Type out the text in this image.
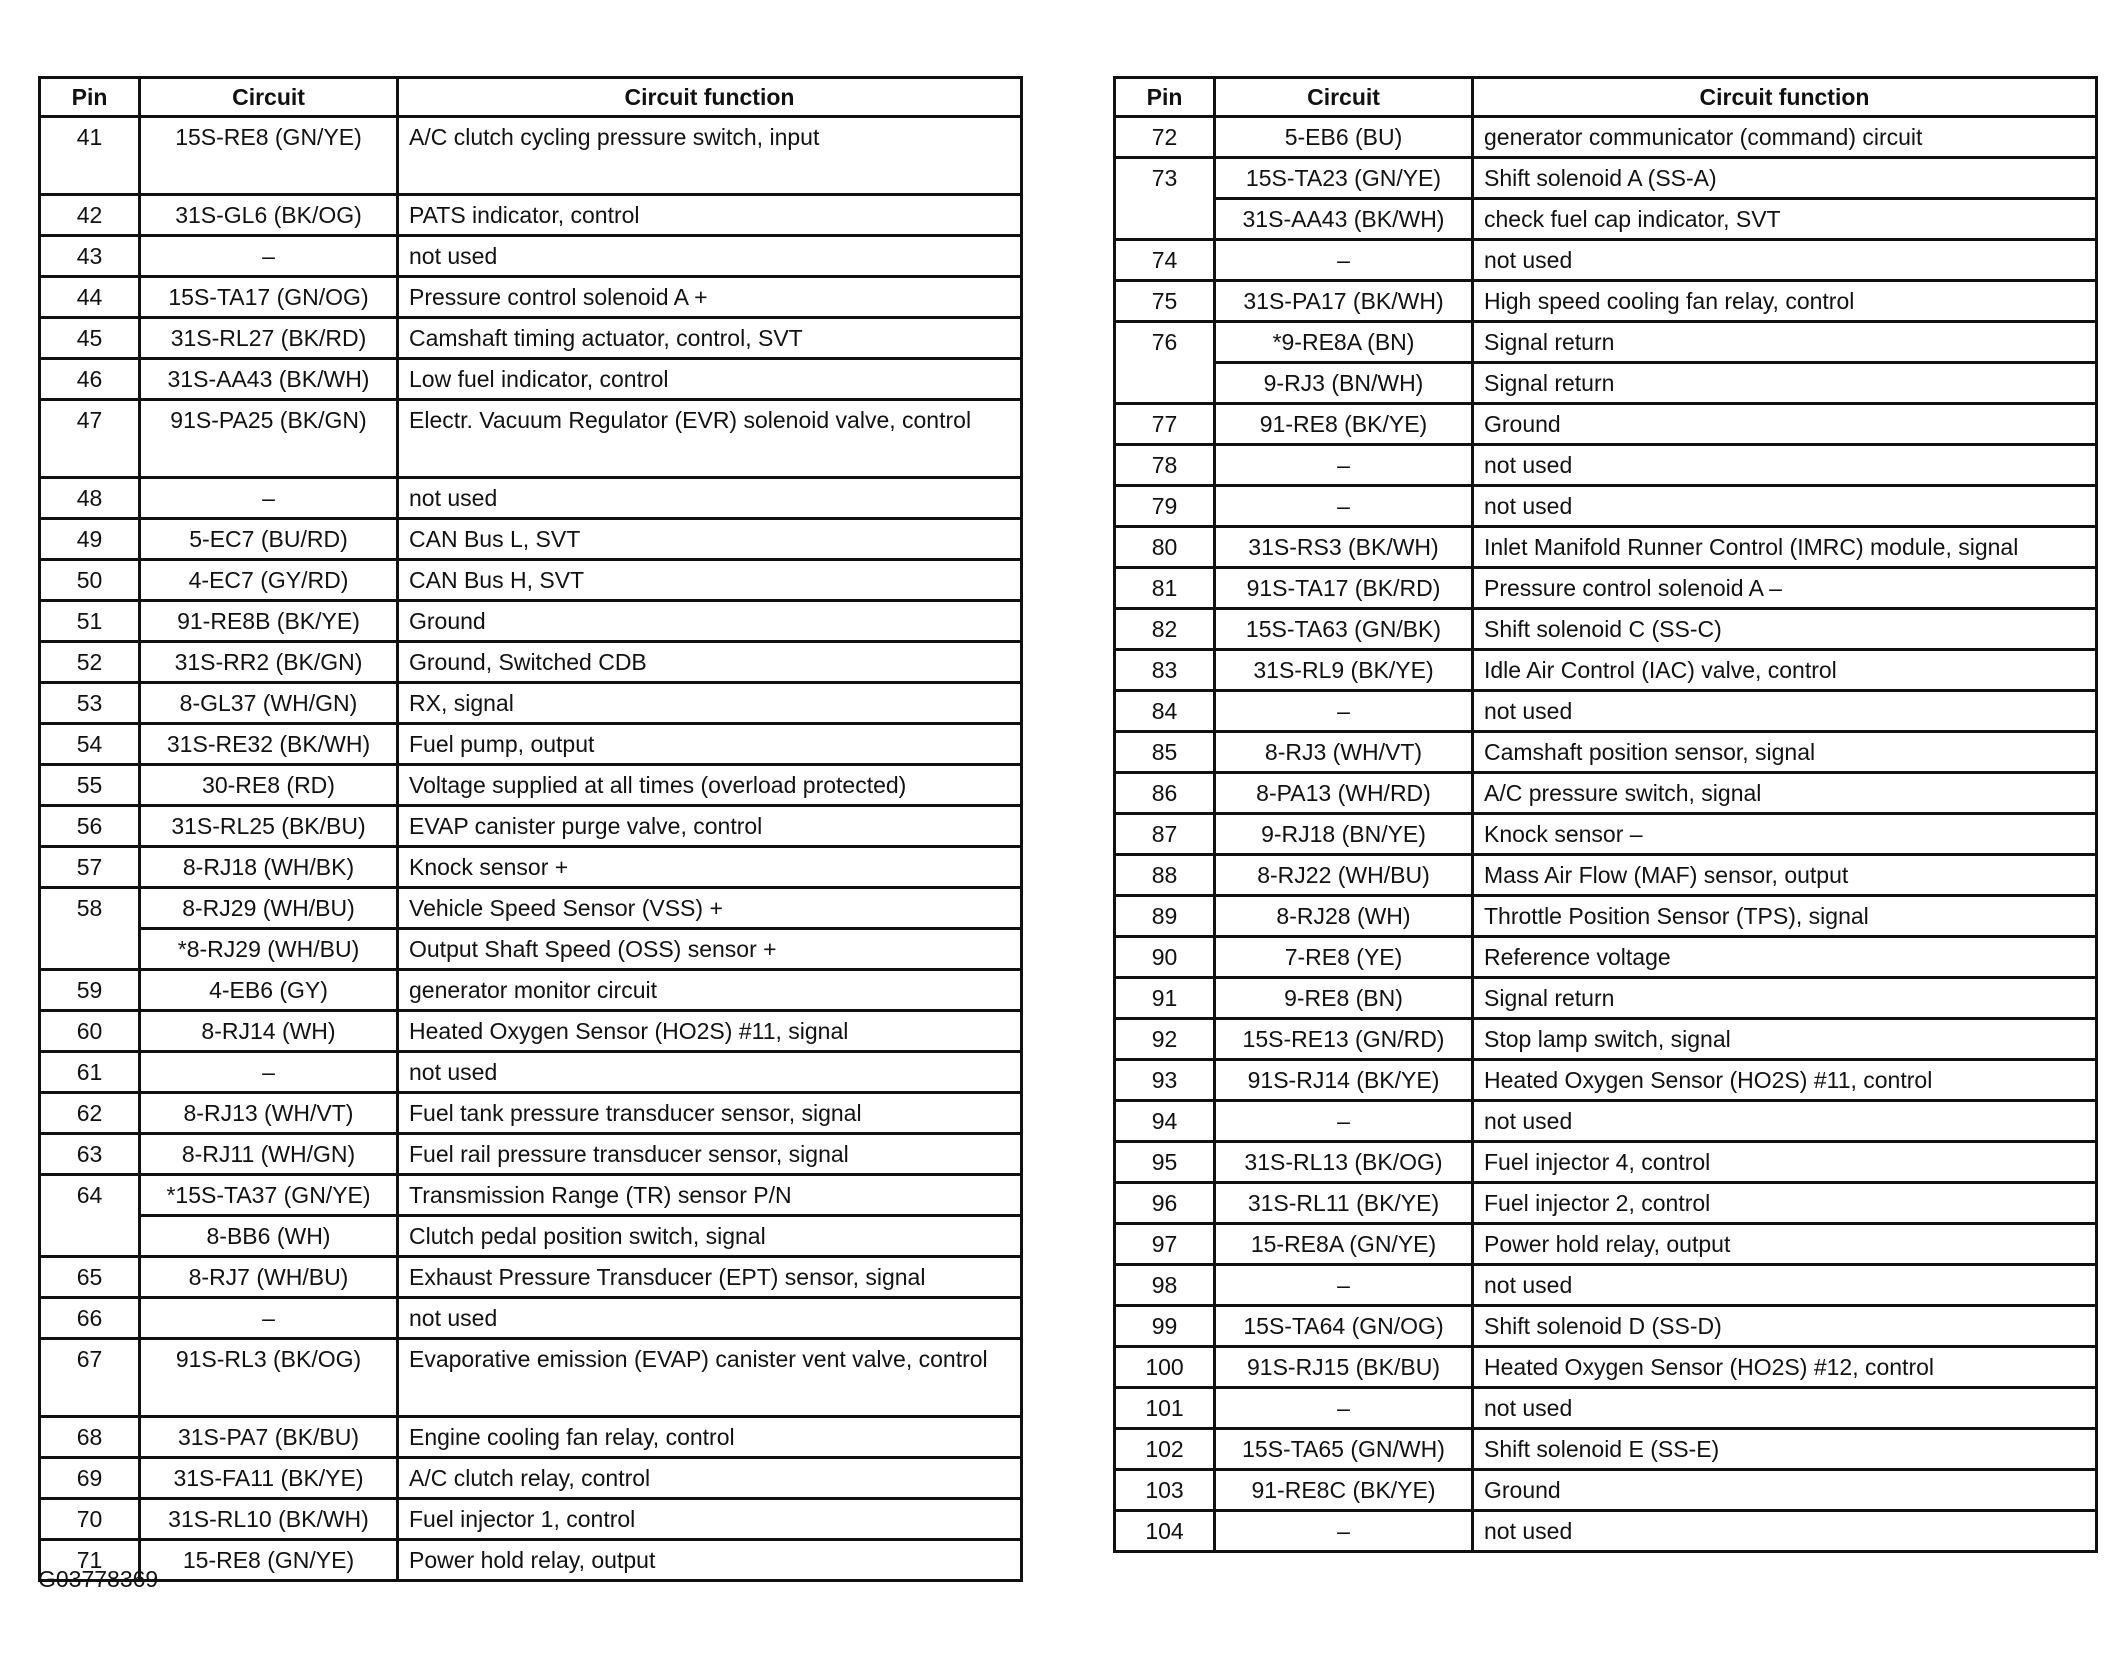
Pin	Circuit	Circuit function
41	15S-RE8 (GN/YE)	A/C clutch cycling pressure switch, input
42	31S-GL6 (BK/OG)	PATS indicator, control
43	–	not used
44	15S-TA17 (GN/OG)	Pressure control solenoid A +
45	31S-RL27 (BK/RD)	Camshaft timing actuator, control, SVT
46	31S-AA43 (BK/WH)	Low fuel indicator, control
47	91S-PA25 (BK/GN)	Electr. Vacuum Regulator (EVR) solenoid valve, control
48	–	not used
49	5-EC7 (BU/RD)	CAN Bus L, SVT
50	4-EC7 (GY/RD)	CAN Bus H, SVT
51	91-RE8B (BK/YE)	Ground
52	31S-RR2 (BK/GN)	Ground, Switched CDB
53	8-GL37 (WH/GN)	RX, signal
54	31S-RE32 (BK/WH)	Fuel pump, output
55	30-RE8 (RD)	Voltage supplied at all times (overload protected)
56	31S-RL25 (BK/BU)	EVAP canister purge valve, control
57	8-RJ18 (WH/BK)	Knock sensor +
58	8-RJ29 (WH/BU)	Vehicle Speed Sensor (VSS) +
	*8-RJ29 (WH/BU)	Output Shaft Speed (OSS) sensor +
59	4-EB6 (GY)	generator monitor circuit
60	8-RJ14 (WH)	Heated Oxygen Sensor (HO2S) #11, signal
61	–	not used
62	8-RJ13 (WH/VT)	Fuel tank pressure transducer sensor, signal
63	8-RJ11 (WH/GN)	Fuel rail pressure transducer sensor, signal
64	*15S-TA37 (GN/YE)	Transmission Range (TR) sensor P/N
	8-BB6 (WH)	Clutch pedal position switch, signal
65	8-RJ7 (WH/BU)	Exhaust Pressure Transducer (EPT) sensor, signal
66	–	not used
67	91S-RL3 (BK/OG)	Evaporative emission (EVAP) canister vent valve, control
68	31S-PA7 (BK/BU)	Engine cooling fan relay, control
69	31S-FA11 (BK/YE)	A/C clutch relay, control
70	31S-RL10 (BK/WH)	Fuel injector 1, control
71	15-RE8 (GN/YE)	Power hold relay, output
Pin	Circuit	Circuit function
72	5-EB6 (BU)	generator communicator (command) circuit
73	15S-TA23 (GN/YE)	Shift solenoid A (SS-A)
	31S-AA43 (BK/WH)	check fuel cap indicator, SVT
74	–	not used
75	31S-PA17 (BK/WH)	High speed cooling fan relay, control
76	*9-RE8A (BN)	Signal return
	9-RJ3 (BN/WH)	Signal return
77	91-RE8 (BK/YE)	Ground
78	–	not used
79	–	not used
80	31S-RS3 (BK/WH)	Inlet Manifold Runner Control (IMRC) module, signal
81	91S-TA17 (BK/RD)	Pressure control solenoid A –
82	15S-TA63 (GN/BK)	Shift solenoid C (SS-C)
83	31S-RL9 (BK/YE)	Idle Air Control (IAC) valve, control
84	–	not used
85	8-RJ3 (WH/VT)	Camshaft position sensor, signal
86	8-PA13 (WH/RD)	A/C pressure switch, signal
87	9-RJ18 (BN/YE)	Knock sensor –
88	8-RJ22 (WH/BU)	Mass Air Flow (MAF) sensor, output
89	8-RJ28 (WH)	Throttle Position Sensor (TPS), signal
90	7-RE8 (YE)	Reference voltage
91	9-RE8 (BN)	Signal return
92	15S-RE13 (GN/RD)	Stop lamp switch, signal
93	91S-RJ14 (BK/YE)	Heated Oxygen Sensor (HO2S) #11, control
94	–	not used
95	31S-RL13 (BK/OG)	Fuel injector 4, control
96	31S-RL11 (BK/YE)	Fuel injector 2, control
97	15-RE8A (GN/YE)	Power hold relay, output
98	–	not used
99	15S-TA64 (GN/OG)	Shift solenoid D (SS-D)
100	91S-RJ15 (BK/BU)	Heated Oxygen Sensor (HO2S) #12, control
101	–	not used
102	15S-TA65 (GN/WH)	Shift solenoid E (SS-E)
103	91-RE8C (BK/YE)	Ground
104	–	not used
G03778369
